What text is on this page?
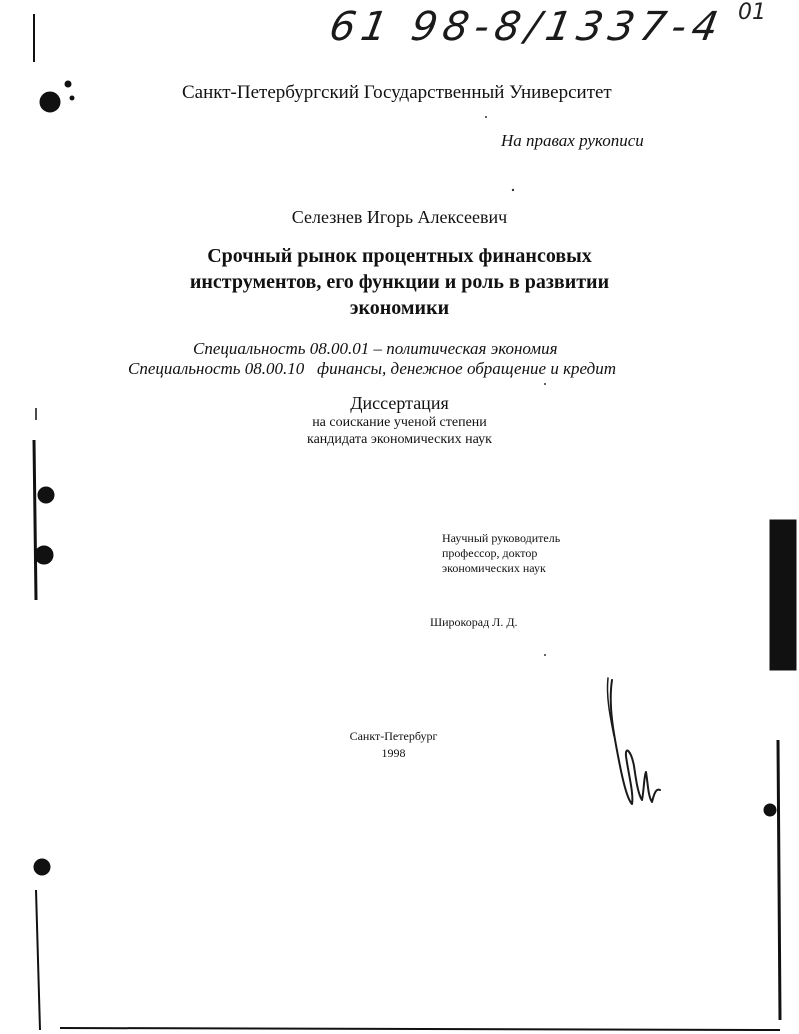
61 98-8/1337-4 01
Санкт-Петербургский Государственный Университет
На правах рукописи
Селезнев Игорь Алексеевич
Срочный рынок процентных финансовых
инструментов, его функции и роль в развитии
экономики
Специальность 08.00.01 – политическая экономия
Специальность 08.00.10   финансы, денежное обращение и кредит
Диссертация
на соискание ученой степени
кандидата экономических наук
Научный руководитель
профессор, доктор
экономических наук
Широкорад Л. Д.
Санкт-Петербург
1998
